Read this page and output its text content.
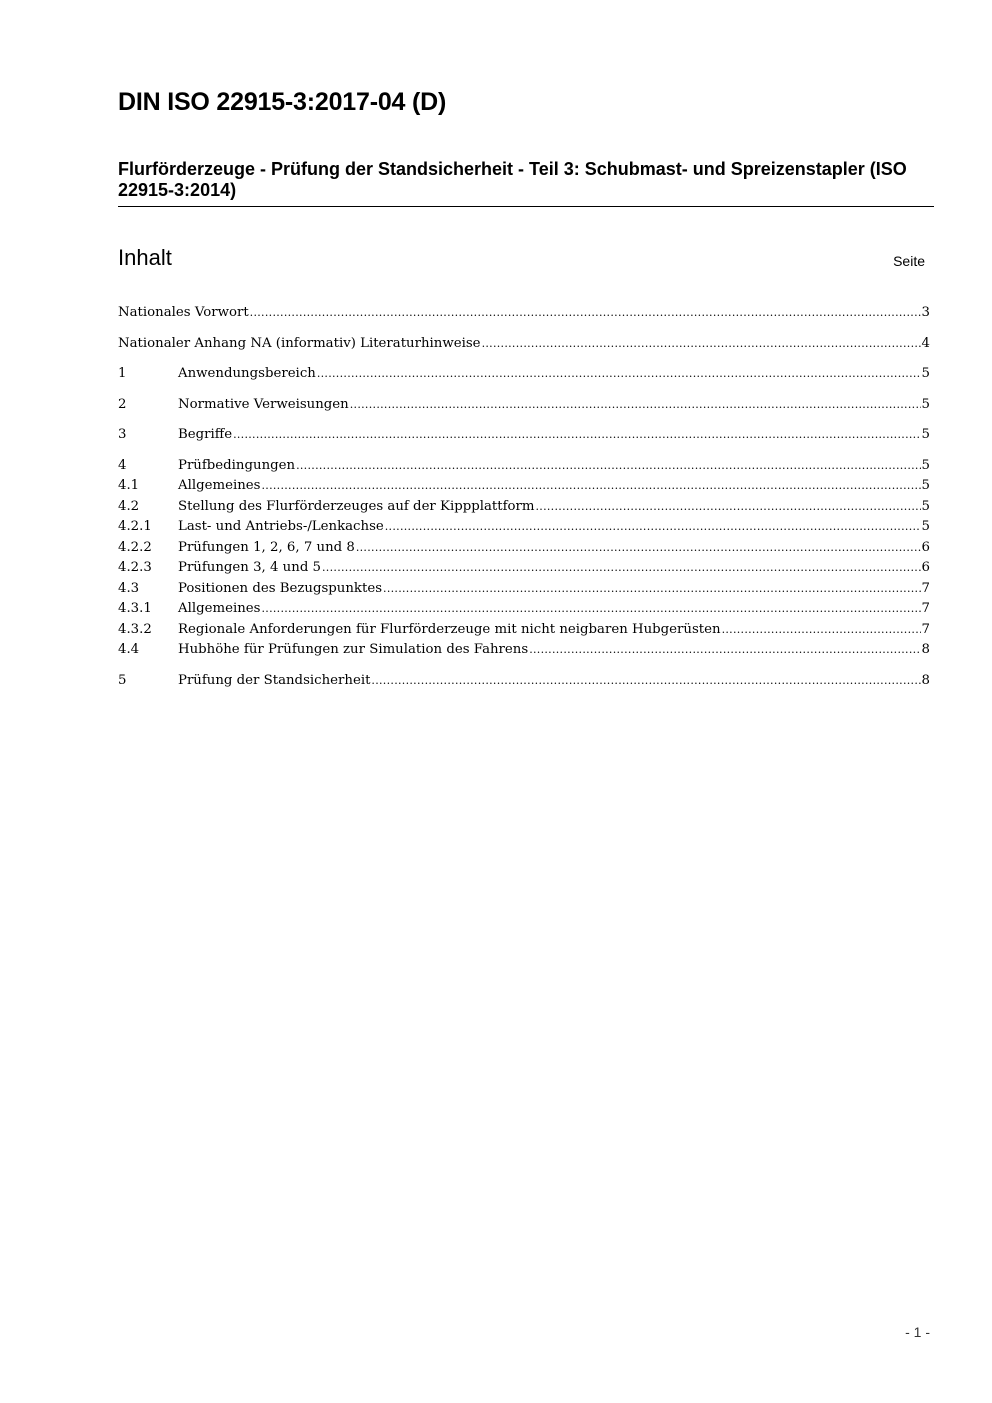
DIN ISO 22915-3:2017-04 (D)
Flurförderzeuge - Prüfung der Standsicherheit - Teil 3: Schubmast- und Spreizenstapler (ISO 22915-3:2014)
Inhalt	Seite
Nationales Vorwort .....	3
Nationaler Anhang NA (informativ) Literaturhinweise .....	4
1	Anwendungsbereich .....	5
2	Normative Verweisungen .....	5
3	Begriffe .....	5
4	Prüfbedingungen .....	5
4.1	Allgemeines .....	5
4.2	Stellung des Flurförderzeuges auf der Kippplattform .....	5
4.2.1	Last- und Antriebs-/Lenkachse .....	5
4.2.2	Prüfungen 1, 2, 6, 7 und 8 .....	6
4.2.3	Prüfungen 3, 4 und 5 .....	6
4.3	Positionen des Bezugspunktes .....	7
4.3.1	Allgemeines .....	7
4.3.2	Regionale Anforderungen für Flurförderzeuge mit nicht neigbaren Hubgerüsten .....	7
4.4	Hubhöhe für Prüfungen zur Simulation des Fahrens .....	8
5	Prüfung der Standsicherheit .....	8
- 1 -
